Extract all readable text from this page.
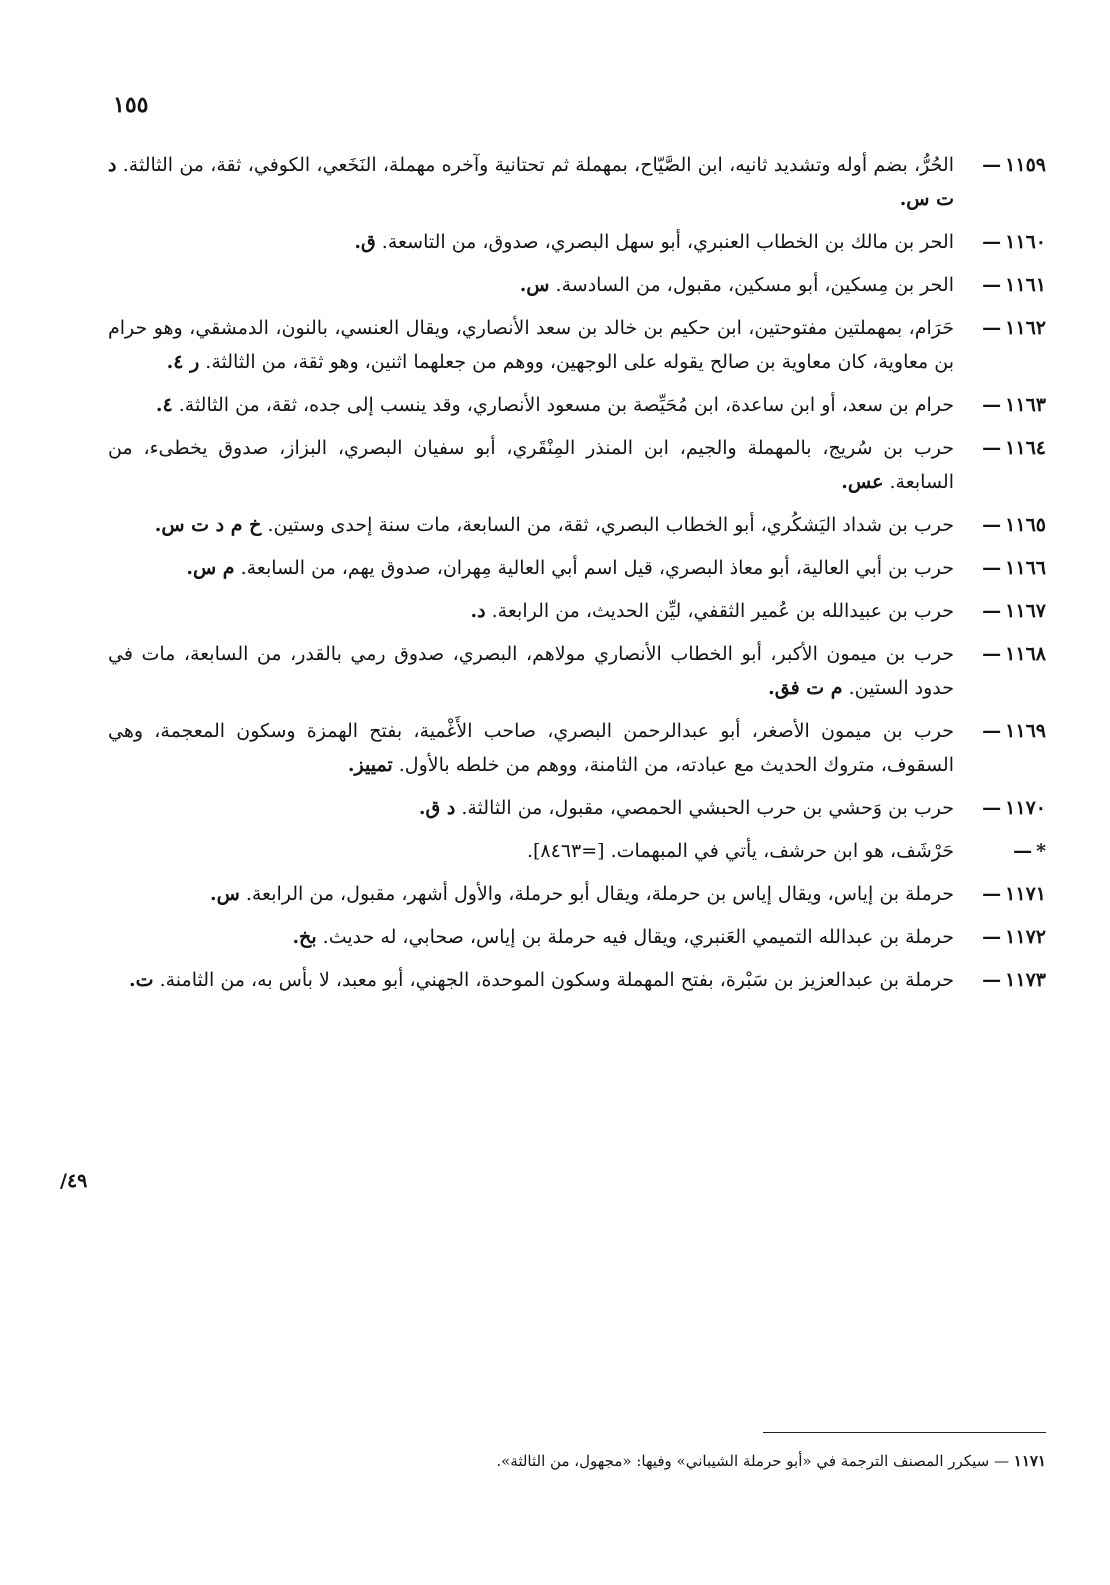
١٥٥
١١٥٩—
الحُرُّ، بضم أوله وتشديد ثانيه، ابن الصَّيّاح، بمهملة ثم تحتانية وآخره مهملة، النَخَعي، الكوفي، ثقة، من الثالثة. د ت س.
١١٦٠—
الحر بن مالك بن الخطاب العنبري، أبو سهل البصري، صدوق، من التاسعة. ق.
١١٦١—
الحر بن مِسكين، أبو مسكين، مقبول، من السادسة. س.
١١٦٢—
حَرَام، بمهملتين مفتوحتين، ابن حكيم بن خالد بن سعد الأنصاري، ويقال العنسي، بالنون، الدمشقي، وهو حرام بن معاوية، كان معاوية بن صالح يقوله على الوجهين، ووهم من جعلهما اثنين، وهو ثقة، من الثالثة. ر ٤.
١١٦٣—
حرام بن سعد، أو ابن ساعدة، ابن مُحَيِّصة بن مسعود الأنصاري، وقد ينسب إلى جده، ثقة، من الثالثة. ٤.
١١٦٤—
حرب بن سُريج، بالمهملة والجيم، ابن المنذر المِنْقَري، أبو سفيان البصري، البزاز، صدوق يخطىء، من السابعة. عس.
١١٦٥—
حرب بن شداد اليَشكُري، أبو الخطاب البصري، ثقة، من السابعة، مات سنة إحدى وستين. خ م د ت س.
١١٦٦—
حرب بن أبي العالية، أبو معاذ البصري، قيل اسم أبي العالية مِهران، صدوق يهم، من السابعة. م س.
١١٦٧—
حرب بن عبيدالله بن عُمير الثقفي، ليِّن الحديث، من الرابعة. د.
١١٦٨—
حرب بن ميمون الأكبر، أبو الخطاب الأنصاري مولاهم، البصري، صدوق رمي بالقدر، من السابعة، مات في حدود الستين. م ت فق.
١١٦٩—
حرب بن ميمون الأصغر، أبو عبدالرحمن البصري، صاحب الأَغْمية، بفتح الهمزة وسكون المعجمة، وهي السقوف، متروك الحديث مع عبادته، من الثامنة، ووهم من خلطه بالأول. تمييز.
١١٧٠—
حرب بن وَحشي بن حرب الحبشي الحمصي، مقبول، من الثالثة. د ق.
*—
حَرْشَف، هو ابن حرشف، يأتي في المبهمات. [=٨٤٦٣].
١١٧١—
حرملة بن إياس، ويقال إياس بن حرملة، ويقال أبو حرملة، والأول أشهر، مقبول، من الرابعة. س.
١١٧٢—
حرملة بن عبدالله التميمي العَنبري، ويقال فيه حرملة بن إياس، صحابي، له حديث. بخ.
١١٧٣—
حرملة بن عبدالعزيز بن سَبْرة، بفتح المهملة وسكون الموحدة، الجهني، أبو معبد، لا بأس به، من الثامنة. ت.
/٤٩
١١٧١ — سيكرر المصنف الترجمة في «أبو حرملة الشيباني» وفيها: «مجهول، من الثالثة».
